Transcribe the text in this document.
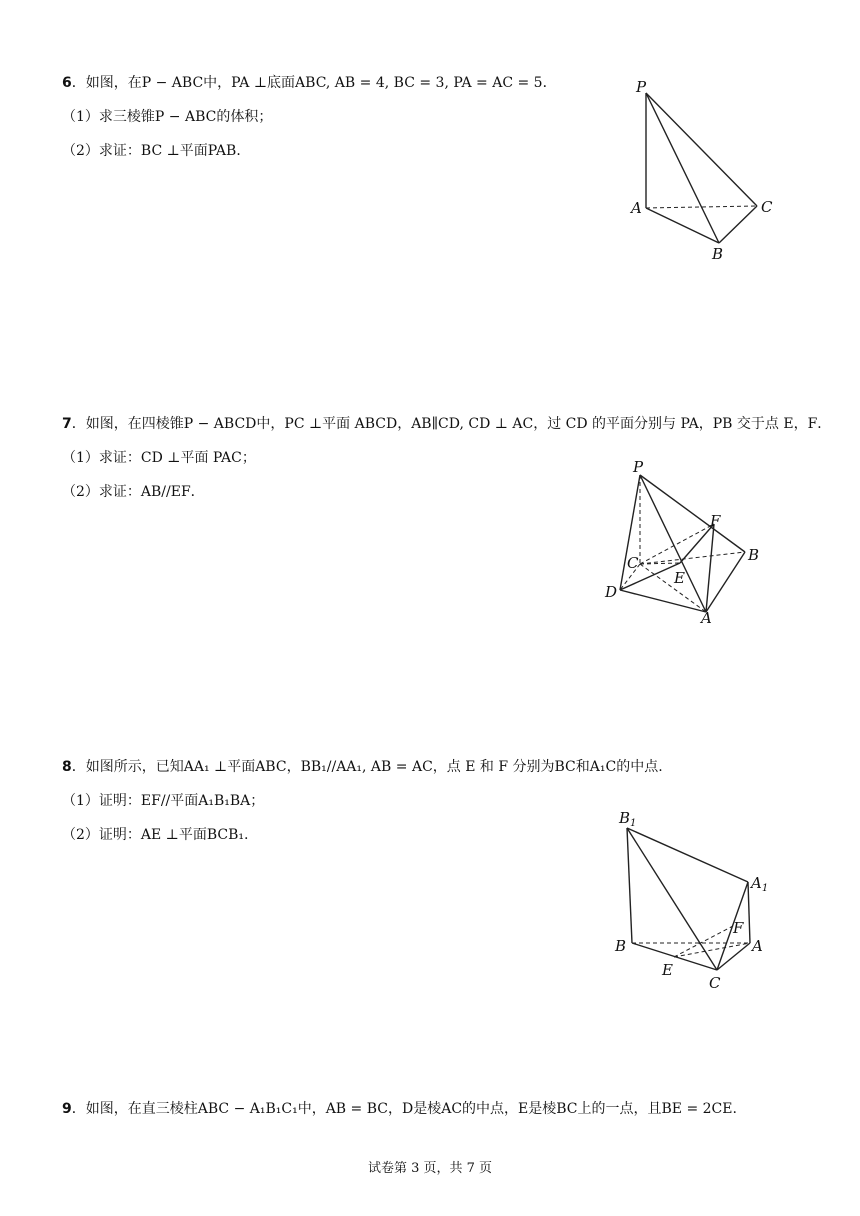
6．如图，在P − ABC中，PA ⊥底面ABC, AB = 4, BC = 3, PA = AC = 5．
（1）求三棱锥P − ABC的体积；
（2）求证：BC ⊥平面PAB．
P
A
B
C
7．如图，在四棱锥P − ABCD中，PC ⊥平面 ABCD，AB∥CD, CD ⊥ AC，过 CD 的平面分别与 PA，PB 交于点 E，F．
（1）求证：CD ⊥平面 PAC；
（2）求证：AB//EF．
P
F
B
C
E
D
A
8．如图所示，已知AA₁ ⊥平面ABC，BB₁//AA₁, AB = AC，点 E 和 F 分别为BC和A₁C的中点.
（1）证明：EF//平面A₁B₁BA；
（2）证明：AE ⊥平面BCB₁.
$B_1$
$A_1$
F
B	A
E
C
9．如图，在直三棱柱ABC − A₁B₁C₁中，AB = BC，D是棱AC的中点，E是棱BC上的一点，且BE = 2CE.
试卷第 3 页，共 7 页
